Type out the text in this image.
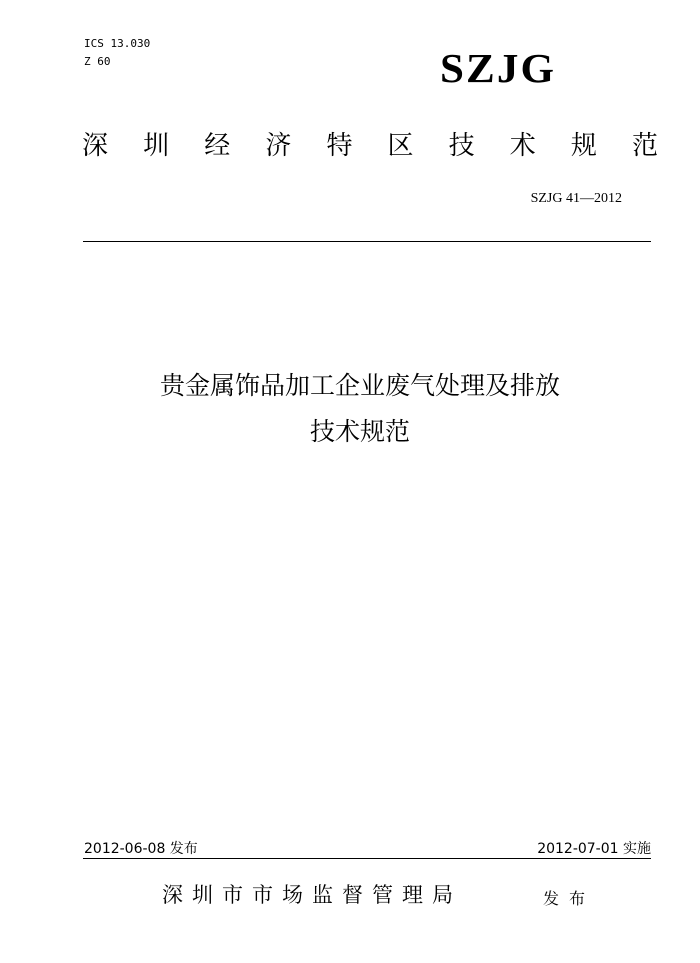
ICS 13.030
Z 60	SZJG
深 圳 经 济 特 区 技 术 规 范
SZJG 41—2012
贵金属饰品加工企业废气处理及排放
技术规范
2012-06-08 发布	2012-07-01 实施
深圳市市场监督管理局	发布
